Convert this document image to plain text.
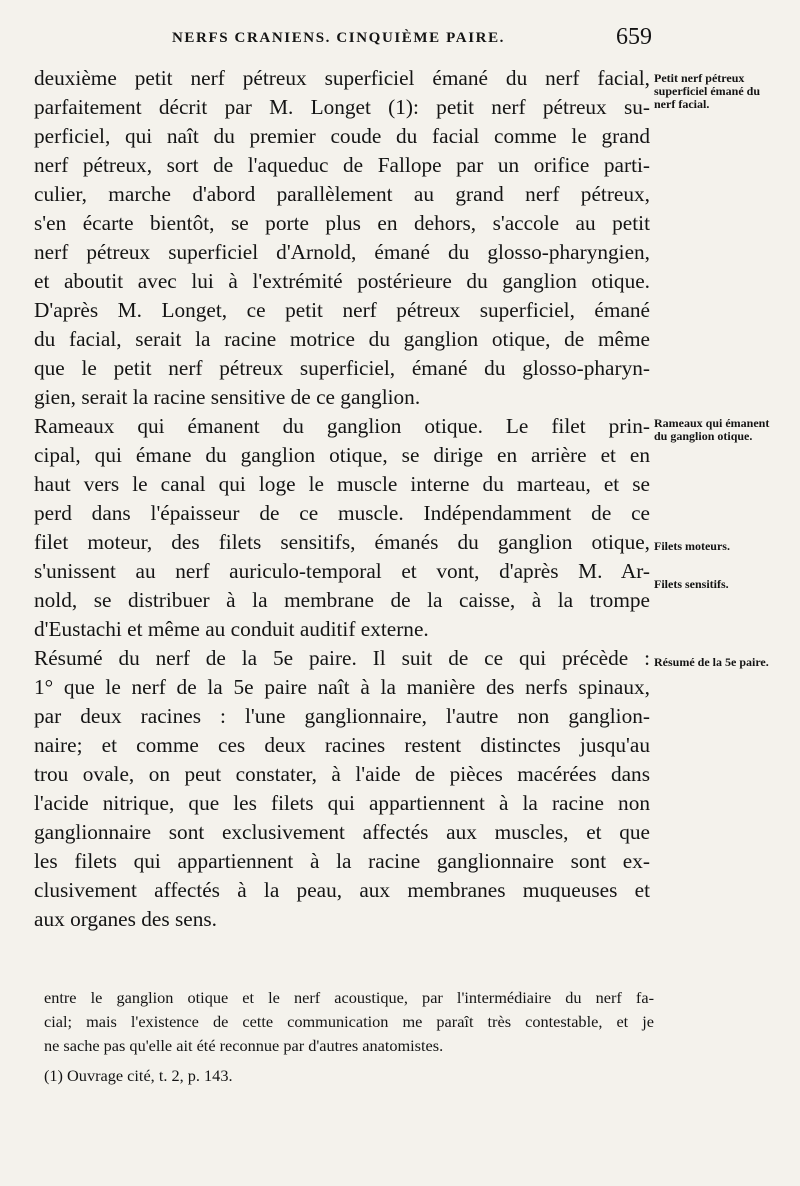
NERFS CRANIENS. CINQUIÈME PAIRE.	659
deuxième petit nerf pétreux superficiel émané du nerf facial,
parfaitement décrit par M. Longet (1): petit nerf pétreux su-
perficiel, qui naît du premier coude du facial comme le grand
nerf pétreux, sort de l'aqueduc de Fallope par un orifice parti-
culier, marche d'abord parallèlement au grand nerf pétreux,
s'en écarte bientôt, se porte plus en dehors, s'accole au petit
nerf pétreux superficiel d'Arnold, émané du glosso-pharyngien,
et aboutit avec lui à l'extrémité postérieure du ganglion otique.
D'après M. Longet, ce petit nerf pétreux superficiel, émané
du facial, serait la racine motrice du ganglion otique, de même
que le petit nerf pétreux superficiel, émané du glosso-pharyn-
gien, serait la racine sensitive de ce ganglion.
Rameaux qui émanent du ganglion otique. Le filet prin-
cipal, qui émane du ganglion otique, se dirige en arrière et en
haut vers le canal qui loge le muscle interne du marteau, et se
perd dans l'épaisseur de ce muscle. Indépendamment de ce
filet moteur, des filets sensitifs, émanés du ganglion otique,
s'unissent au nerf auriculo-temporal et vont, d'après M. Ar-
nold, se distribuer à la membrane de la caisse, à la trompe
d'Eustachi et même au conduit auditif externe.
Résumé du nerf de la 5e paire. Il suit de ce qui précède :
1° que le nerf de la 5e paire naît à la manière des nerfs spinaux,
par deux racines : l'une ganglionnaire, l'autre non ganglion-
naire; et comme ces deux racines restent distinctes jusqu'au
trou ovale, on peut constater, à l'aide de pièces macérées dans
l'acide nitrique, que les filets qui appartiennent à la racine non
ganglionnaire sont exclusivement affectés aux muscles, et que
les filets qui appartiennent à la racine ganglionnaire sont ex-
clusivement affectés à la peau, aux membranes muqueuses et
aux organes des sens.
Petit nerf pétreux superficiel émané du nerf facial.
Rameaux qui émanent du ganglion otique.
Filets moteurs.
Filets sensitifs.
Résumé de la 5e paire.
entre le ganglion otique et le nerf acoustique, par l'intermédiaire du nerf fa-
cial; mais l'existence de cette communication me paraît très contestable, et je
ne sache pas qu'elle ait été reconnue par d'autres anatomistes.
(1) Ouvrage cité, t. 2, p. 143.
